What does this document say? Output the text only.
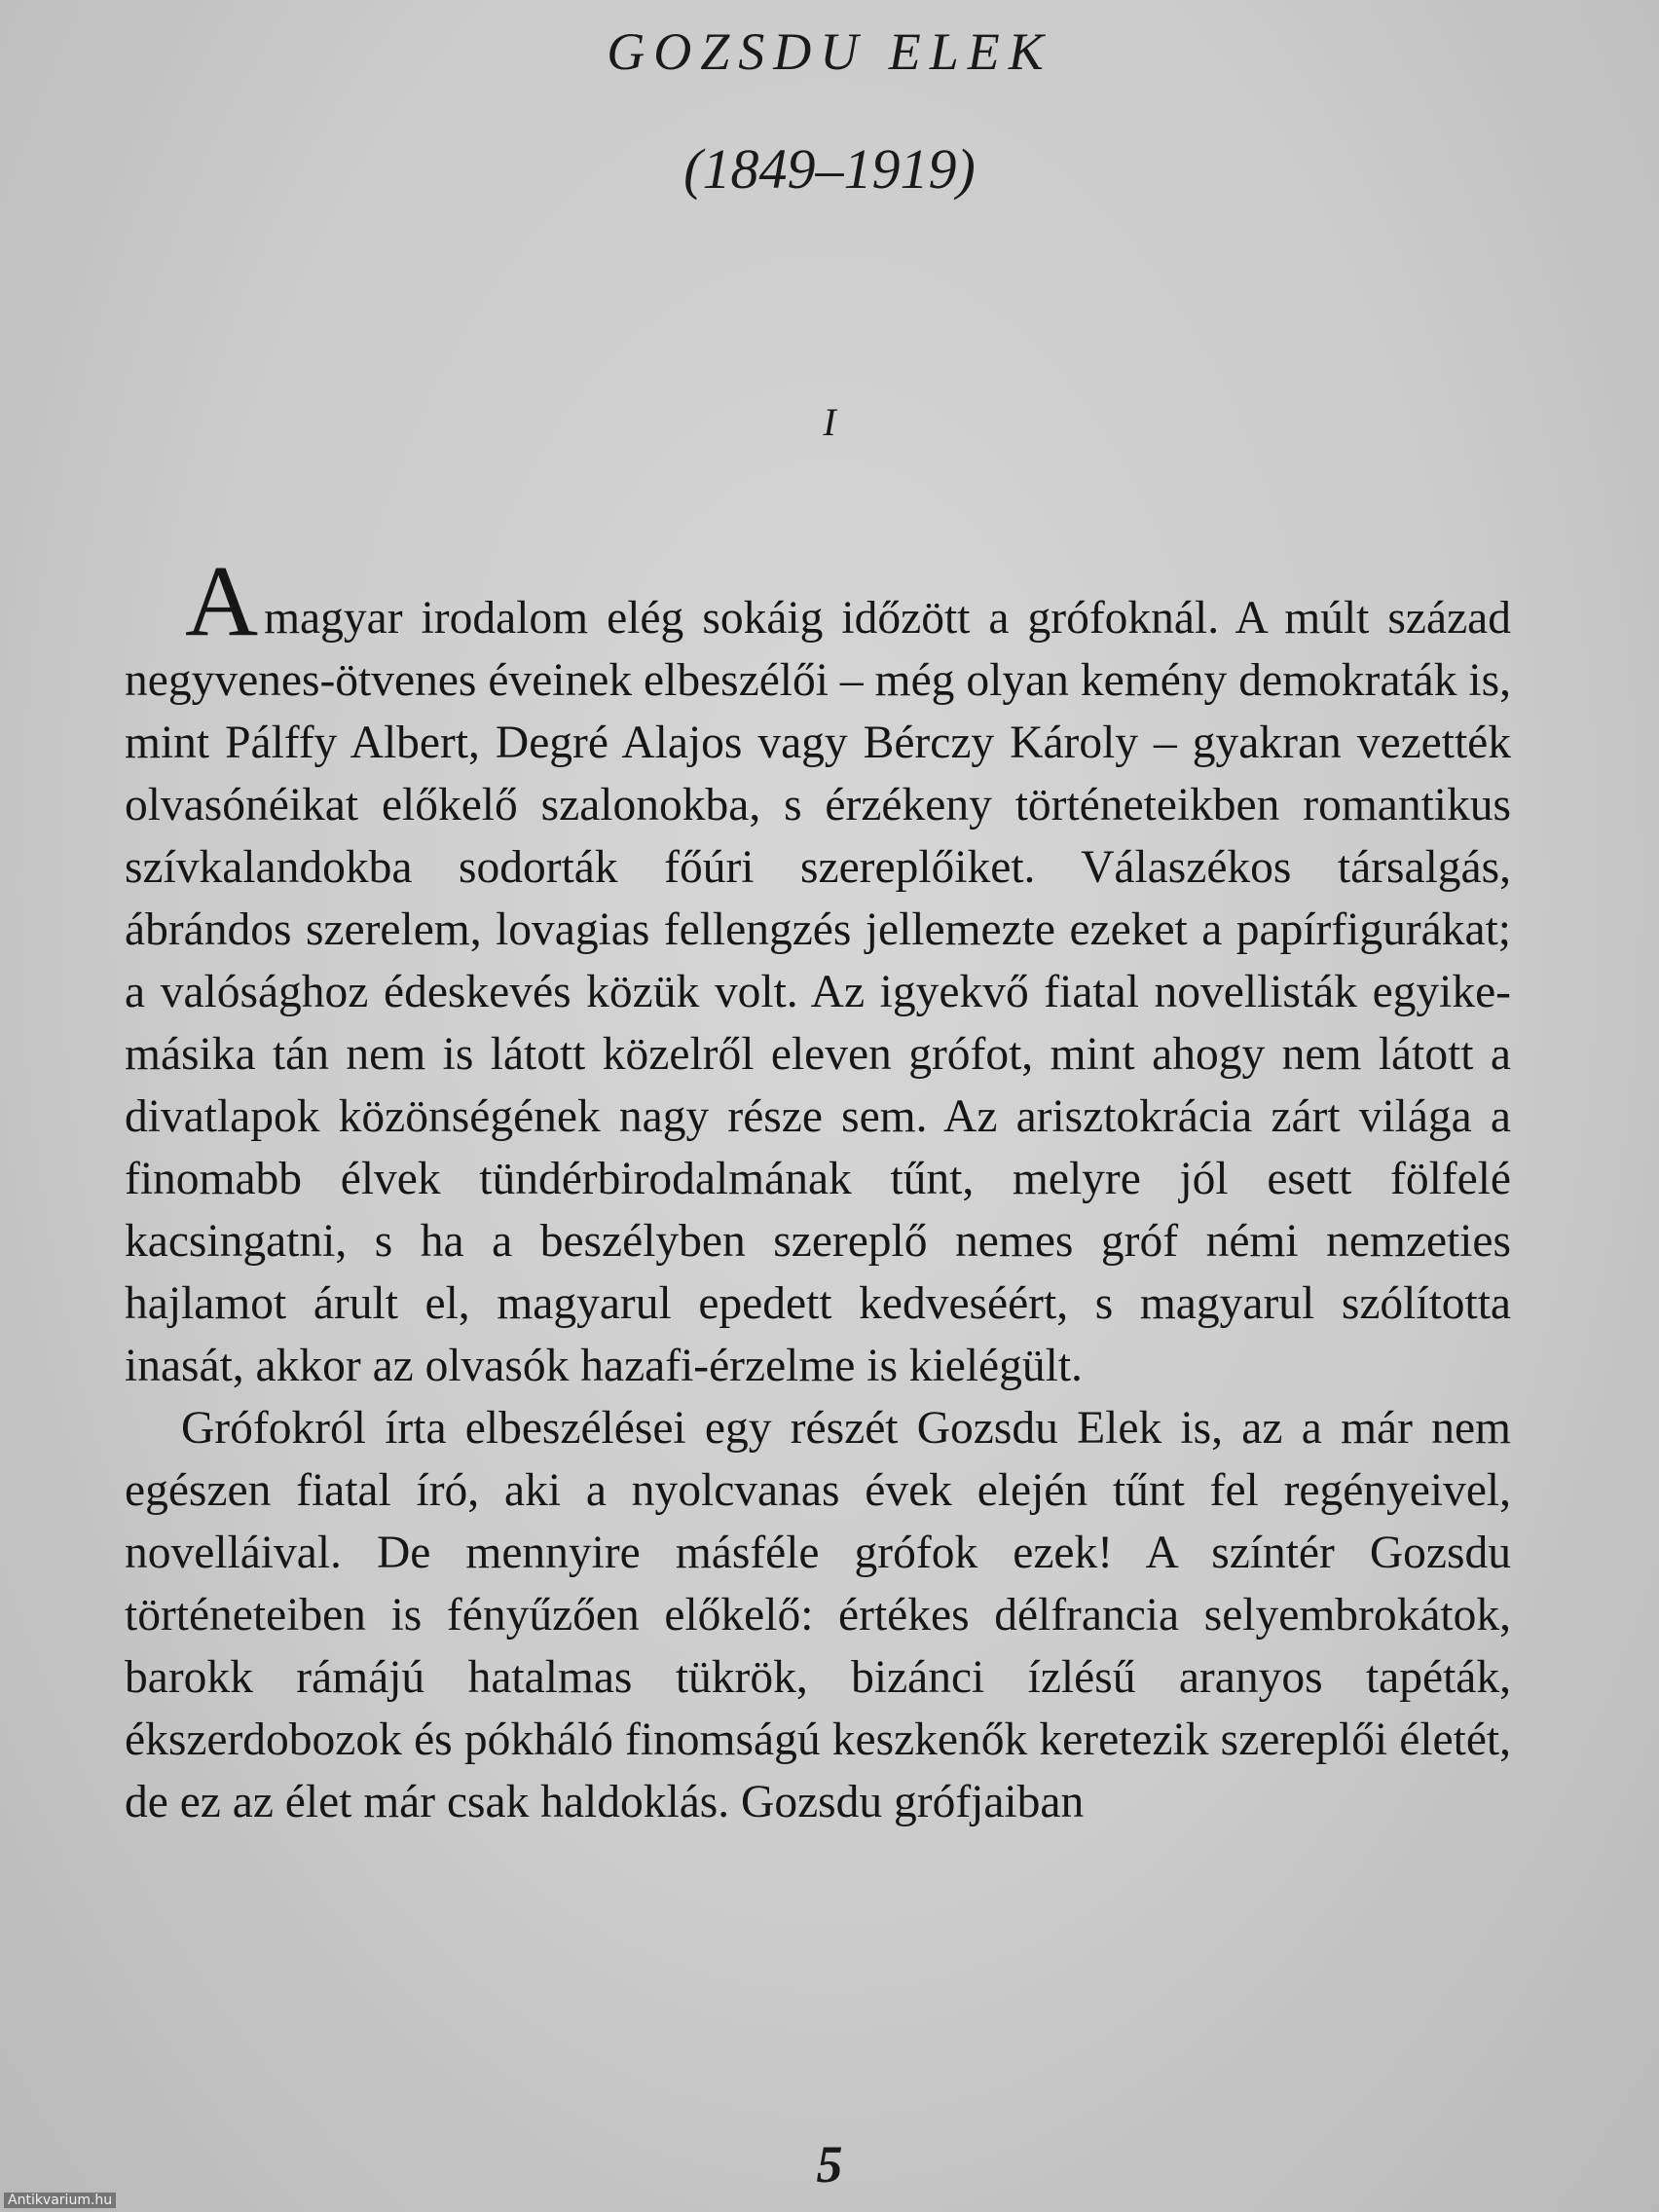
GOZSDU ELEK
(1849–1919)
I

Amagyar irodalom elég sokáig időzött a grófoknál. A múlt század negyvenes-ötvenes éveinek elbeszélői – még olyan kemény demokraták is, mint Pálffy Albert, Degré Alajos vagy Bérczy Károly – gyakran vezették olvasónéikat előkelő szalonokba, s érzékeny történeteikben romantikus szívkalandokba sodorták főúri szereplőiket. Válaszékos társalgás, ábrándos szerelem, lovagias fellengzés jellemezte ezeket a papírfigurákat; a valósághoz édeskevés közük volt. Az igyekvő fiatal novellisták egyike-másika tán nem is látott közelről eleven grófot, mint ahogy nem látott a divatlapok közönségének nagy része sem. Az arisztokrácia zárt világa a finomabb élvek tündérbirodalmának tűnt, melyre jól esett fölfelé kacsingatni, s ha a beszélyben szereplő nemes gróf némi nemzeties hajlamot árult el, magyarul epedett kedveséért, s magyarul szólította inasát, akkor az olvasók hazafi-érzelme is kielégült.

Grófokról írta elbeszélései egy részét Gozsdu Elek is, az a már nem egészen fiatal író, aki a nyolcvanas évek elején tűnt fel regényeivel, novelláival. De mennyire másféle grófok ezek! A színtér Gozsdu történeteiben is fényűzően előkelő: értékes délfrancia selyembrokátok, barokk rámájú hatalmas tükrök, bizánci ízlésű aranyos tapéták, ékszerdobozok és pókháló finomságú keszkenők keretezik szereplői életét, de ez az élet már csak haldoklás. Gozsdu grófjaiban

5
Antikvarium.hu
